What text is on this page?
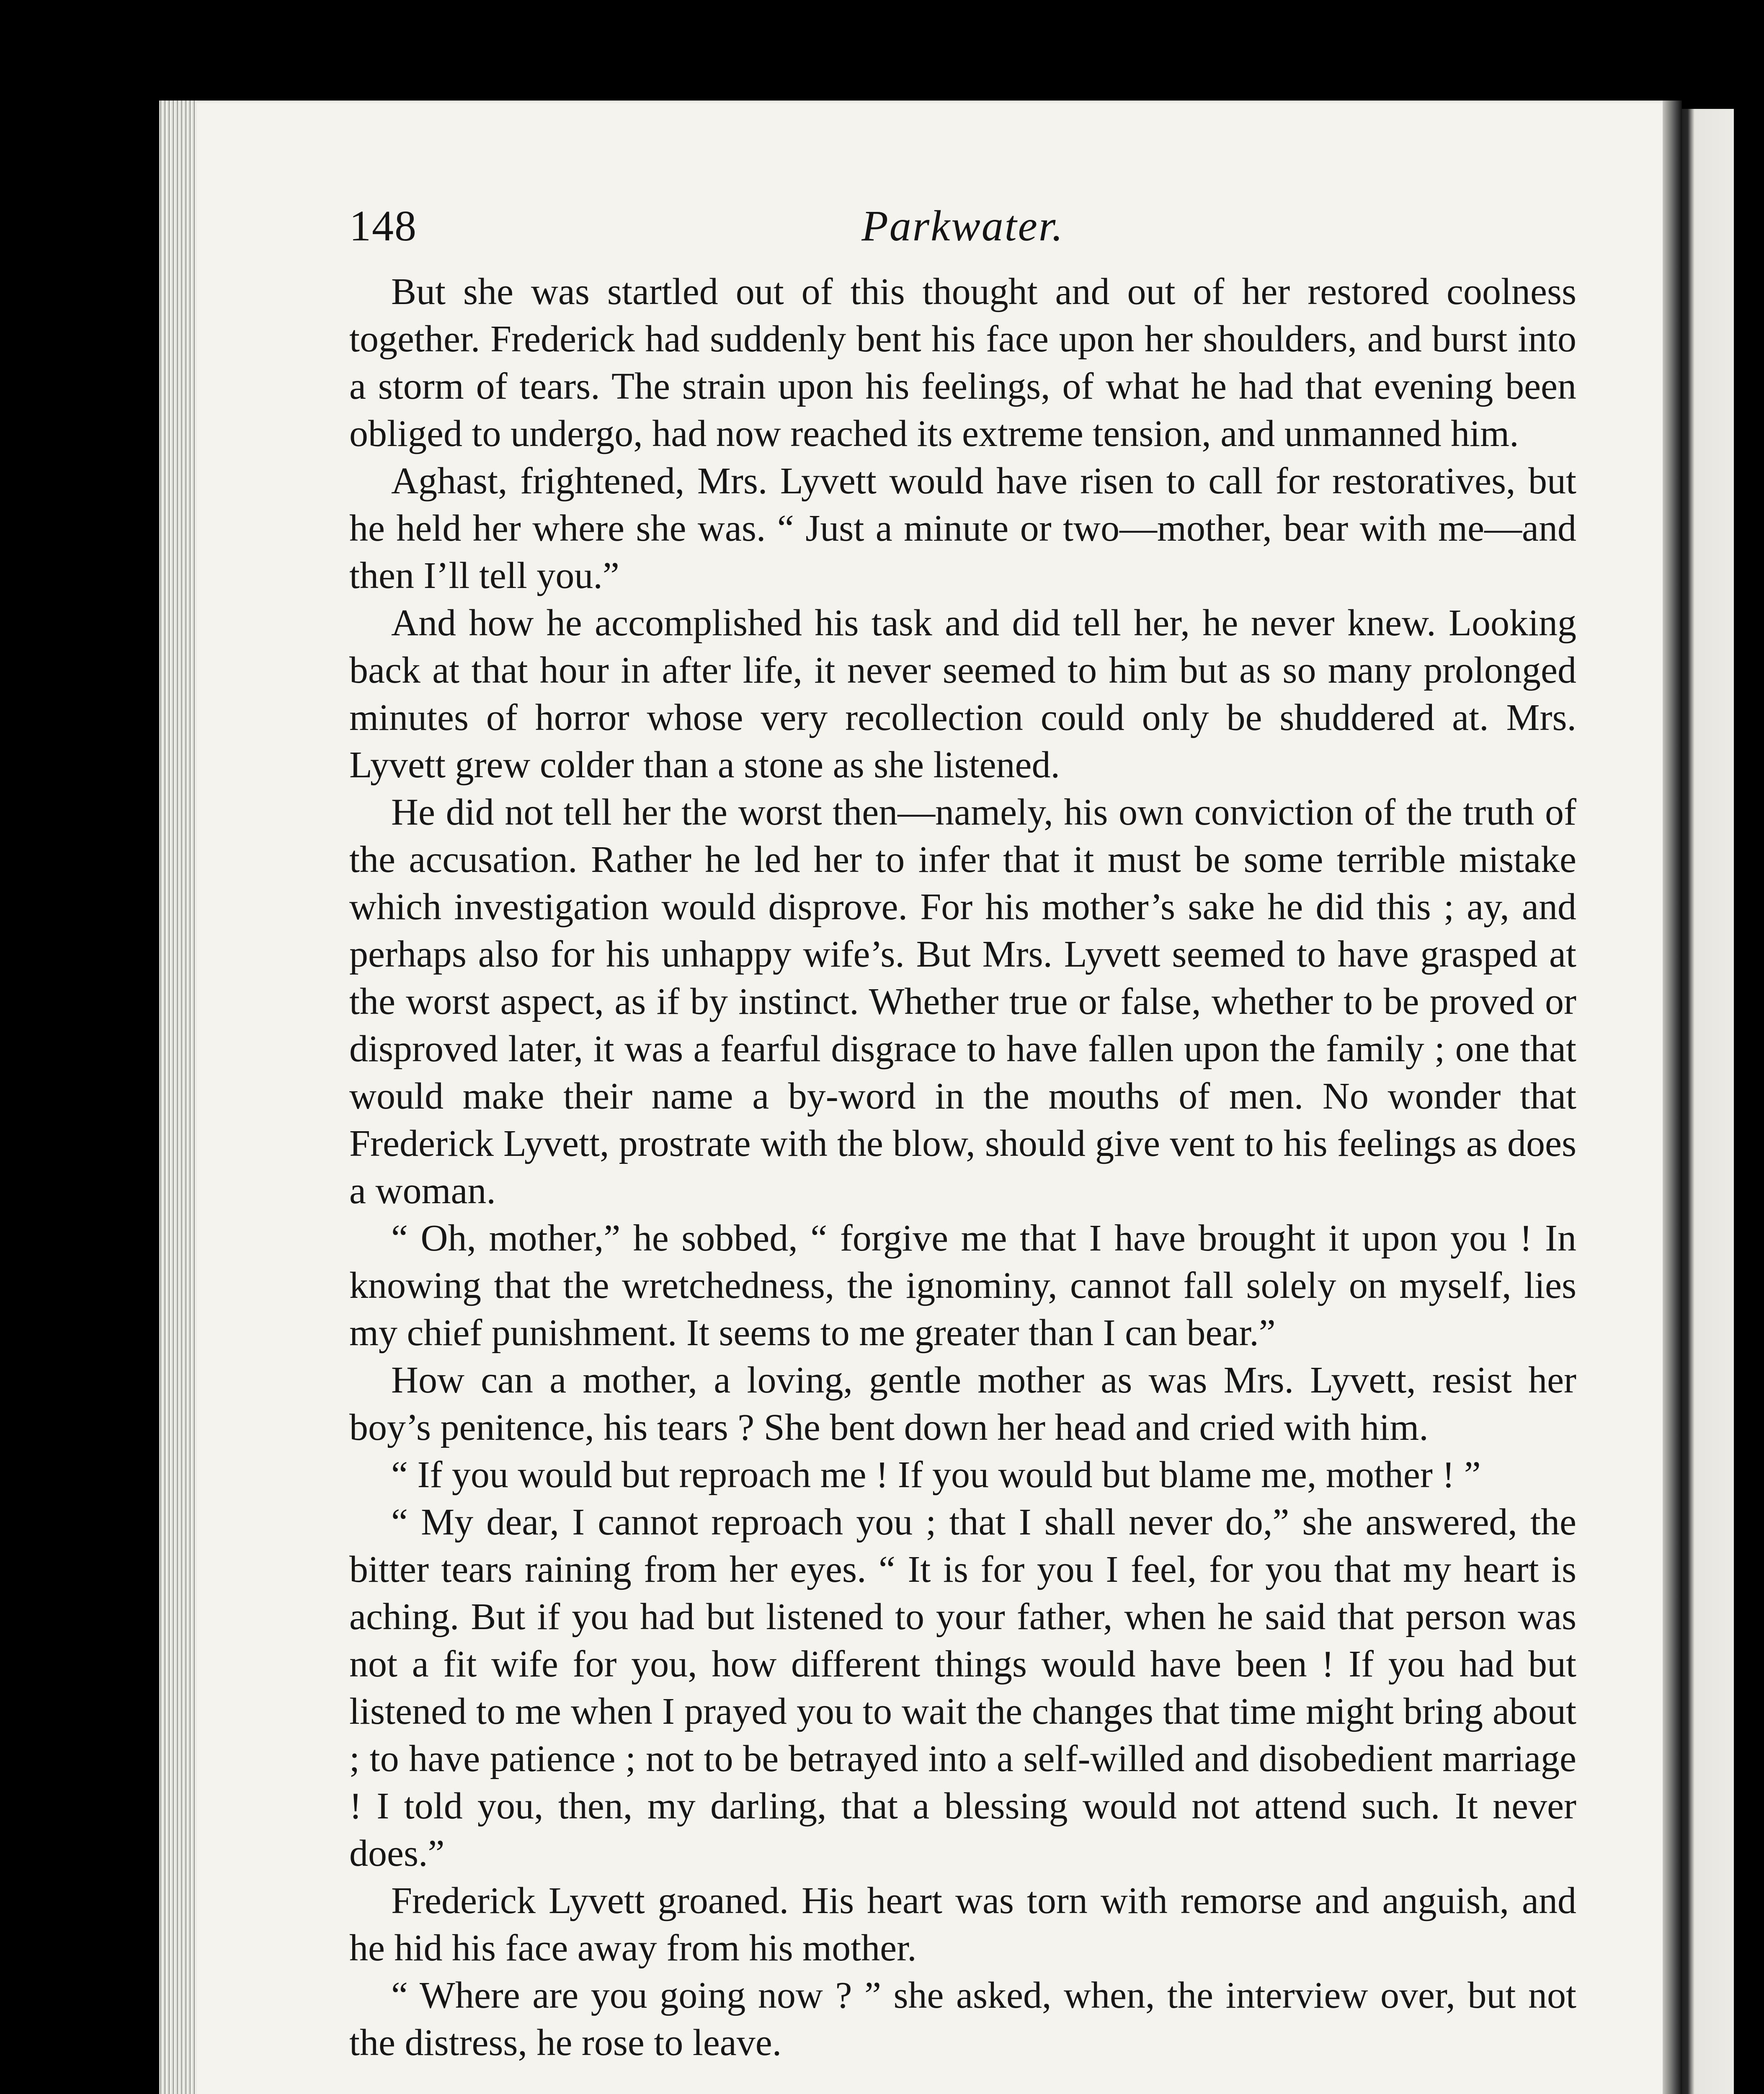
148	Parkwater.

But she was startled out of this thought and out of her restored coolness together. Frederick had suddenly bent his face upon her shoulders, and burst into a storm of tears. The strain upon his feelings, of what he had that evening been obliged to undergo, had now reached its extreme tension, and unmanned him.

Aghast, frightened, Mrs. Lyvett would have risen to call for restoratives, but he held her where she was. “ Just a minute or two—mother, bear with me—and then I’ll tell you.”

And how he accomplished his task and did tell her, he never knew. Looking back at that hour in after life, it never seemed to him but as so many prolonged minutes of horror whose very recollection could only be shuddered at. Mrs. Lyvett grew colder than a stone as she listened.

He did not tell her the worst then—namely, his own conviction of the truth of the accusation. Rather he led her to infer that it must be some terrible mistake which investigation would disprove. For his mother’s sake he did this ; ay, and perhaps also for his unhappy wife’s. But Mrs. Lyvett seemed to have grasped at the worst aspect, as if by instinct. Whether true or false, whether to be proved or disproved later, it was a fearful disgrace to have fallen upon the family ; one that would make their name a by-word in the mouths of men. No wonder that Frederick Lyvett, prostrate with the blow, should give vent to his feelings as does a woman.

“ Oh, mother,” he sobbed, “ forgive me that I have brought it upon you ! In knowing that the wretchedness, the ignominy, cannot fall solely on myself, lies my chief punishment. It seems to me greater than I can bear.”

How can a mother, a loving, gentle mother as was Mrs. Lyvett, resist her boy’s penitence, his tears ? She bent down her head and cried with him.

“ If you would but reproach me ! If you would but blame me, mother ! ”

“ My dear, I cannot reproach you ; that I shall never do,” she answered, the bitter tears raining from her eyes. “ It is for you I feel, for you that my heart is aching. But if you had but listened to your father, when he said that person was not a fit wife for you, how different things would have been ! If you had but listened to me when I prayed you to wait the changes that time might bring about ; to have patience ; not to be betrayed into a self-willed and disobedient marriage ! I told you, then, my darling, that a blessing would not attend such. It never does.”

Frederick Lyvett groaned. His heart was torn with remorse and anguish, and he hid his face away from his mother.

“ Where are you going now ? ” she asked, when, the interview over, but not the distress, he rose to leave.
